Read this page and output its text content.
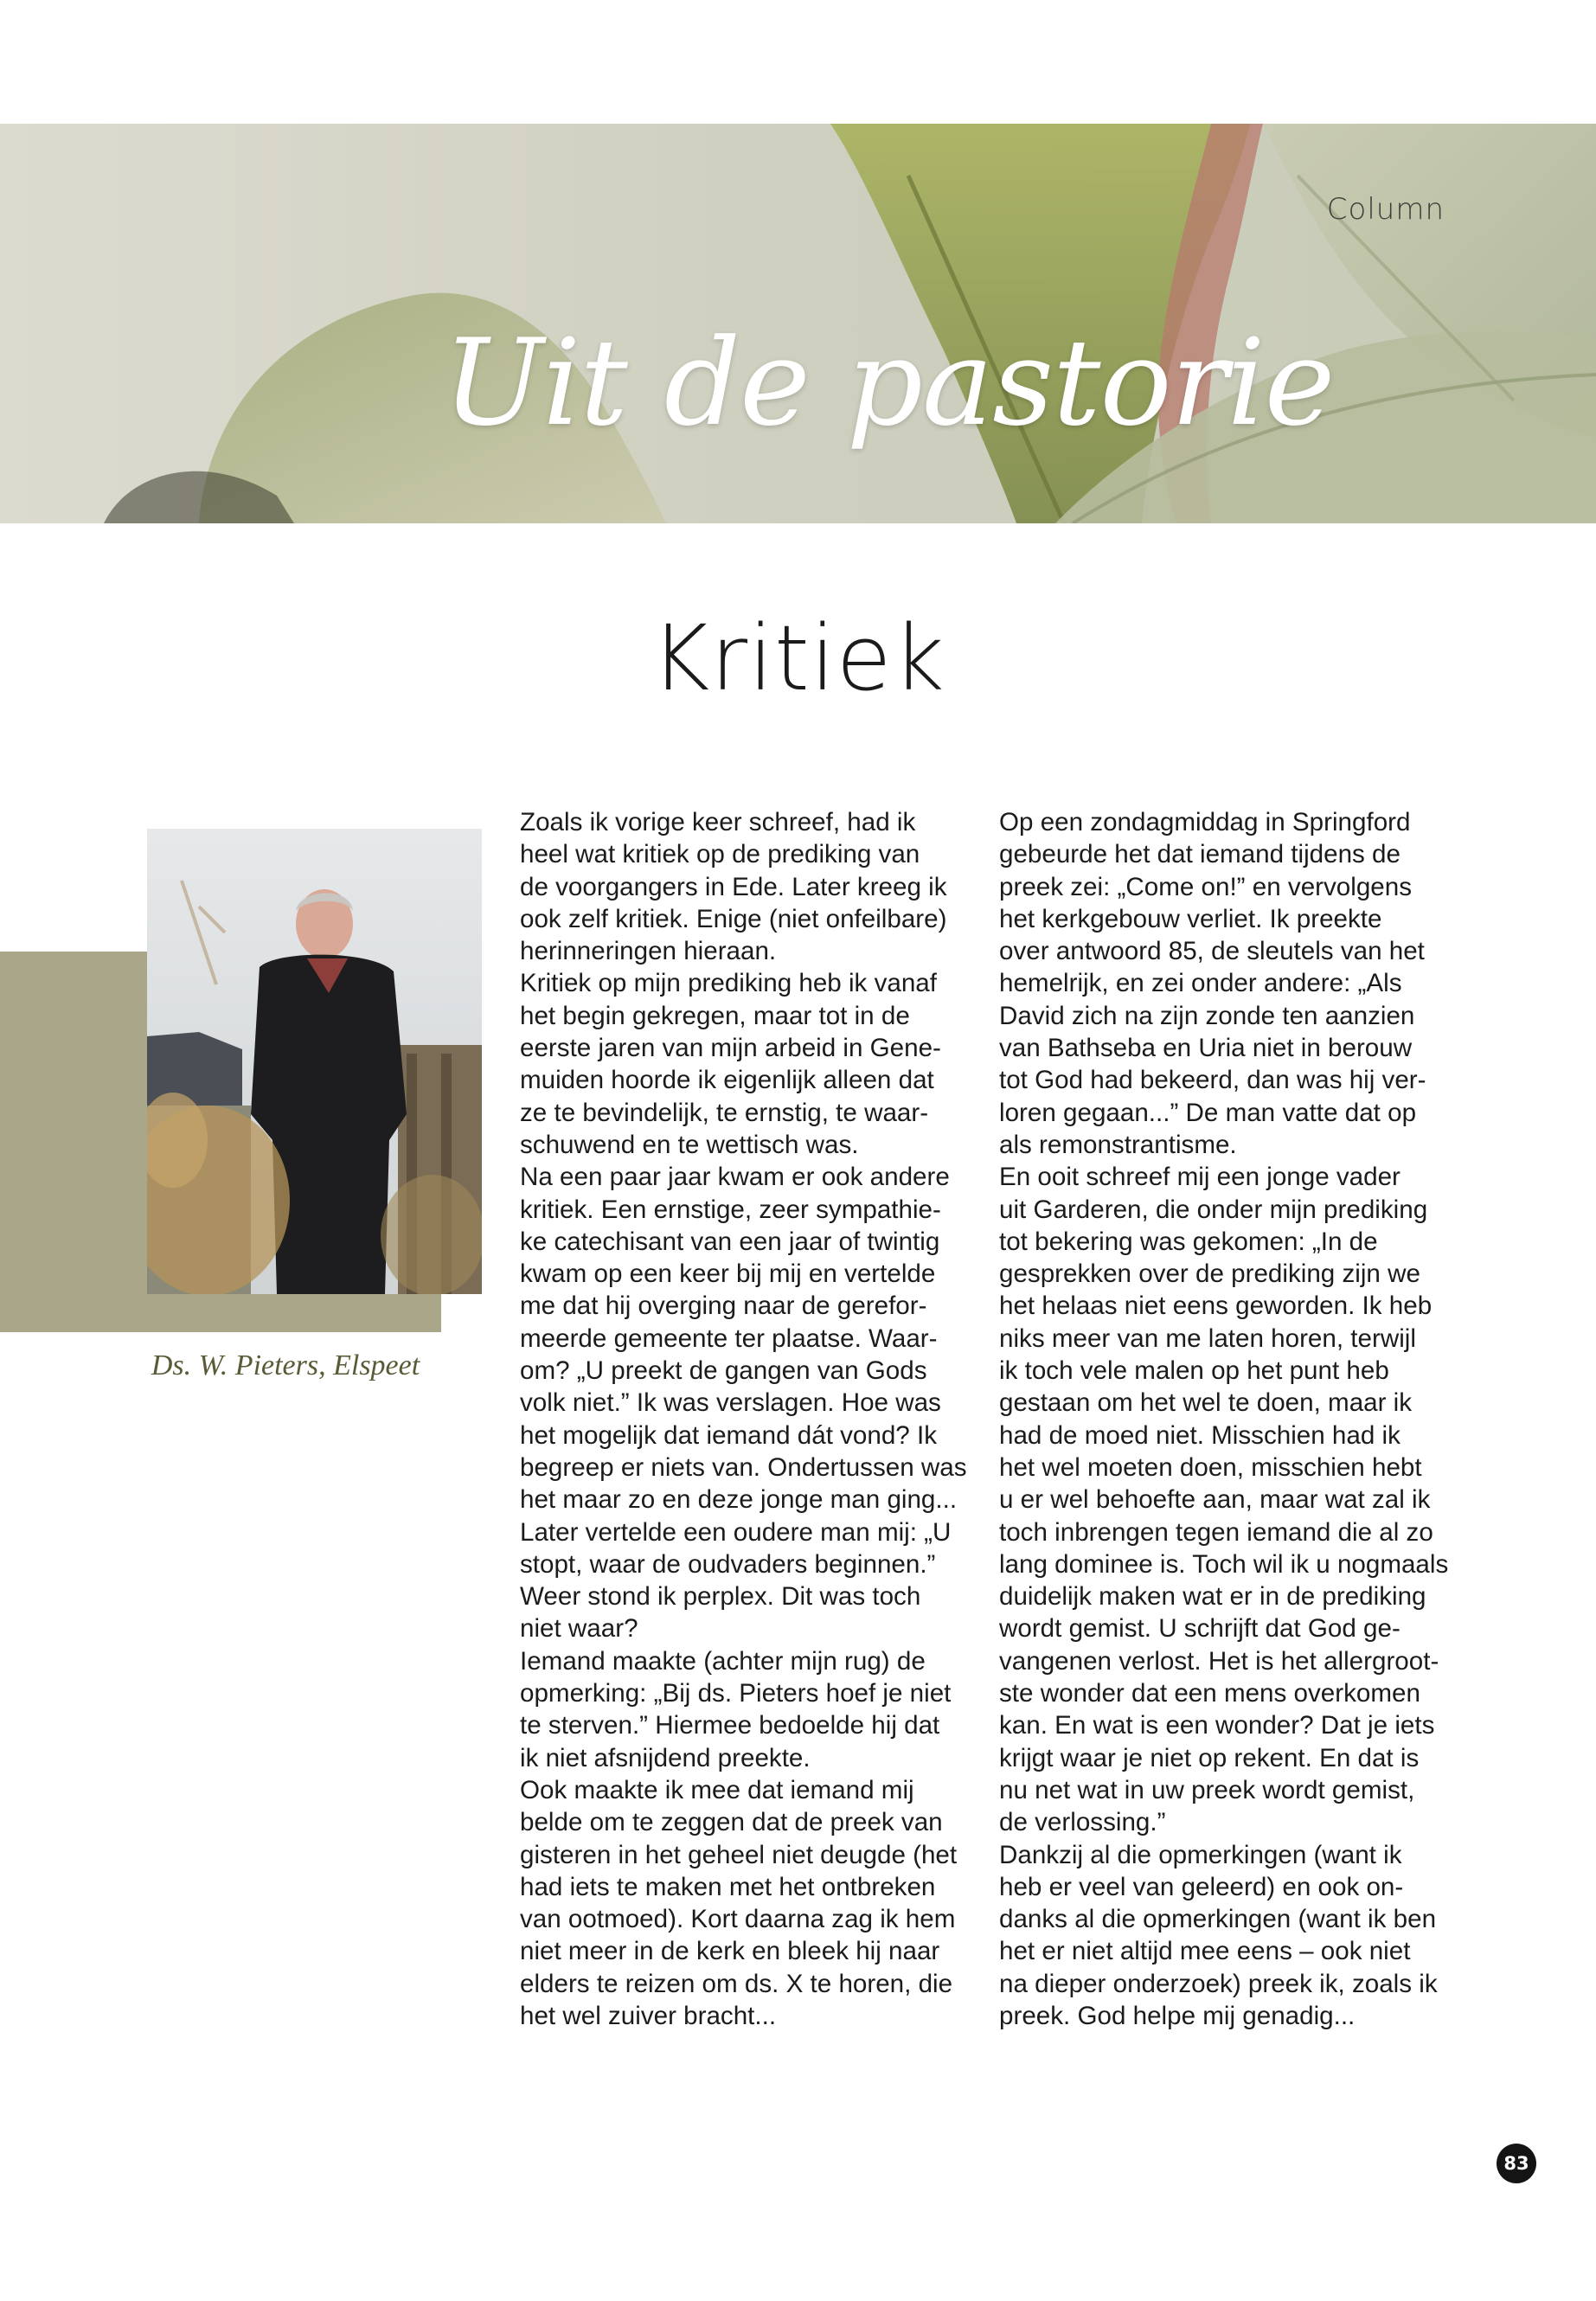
Column
Uit de pastorie
Kritiek
Ds. W. Pieters, Elspeet
Zoals ik vorige keer schreef, had ik
heel wat kritiek op de prediking van
de voorgangers in Ede. Later kreeg ik
ook zelf kritiek. Enige (niet onfeilbare)
herinneringen hieraan.
Kritiek op mijn prediking heb ik vanaf
het begin gekregen, maar tot in de
eerste jaren van mijn arbeid in Gene-
muiden hoorde ik eigenlijk alleen dat
ze te bevindelijk, te ernstig, te waar-
schuwend en te wettisch was.
Na een paar jaar kwam er ook andere
kritiek. Een ernstige, zeer sympathie-
ke catechisant van een jaar of twintig
kwam op een keer bij mij en vertelde
me dat hij overging naar de gerefor-
meerde gemeente ter plaatse. Waar-
om? „U preekt de gangen van Gods
volk niet.” Ik was verslagen. Hoe was
het mogelijk dat iemand dát vond? Ik
begreep er niets van. Ondertussen was
het maar zo en deze jonge man ging...
Later vertelde een oudere man mij: „U
stopt, waar de oudvaders beginnen.”
Weer stond ik perplex. Dit was toch
niet waar?
Iemand maakte (achter mijn rug) de
opmerking: „Bij ds. Pieters hoef je niet
te sterven.” Hiermee bedoelde hij dat
ik niet afsnijdend preekte.
Ook maakte ik mee dat iemand mij
belde om te zeggen dat de preek van
gisteren in het geheel niet deugde (het
had iets te maken met het ontbreken
van ootmoed). Kort daarna zag ik hem
niet meer in de kerk en bleek hij naar
elders te reizen om ds. X te horen, die
het wel zuiver bracht...
Op een zondagmiddag in Springford
gebeurde het dat iemand tijdens de
preek zei: „Come on!” en vervolgens
het kerkgebouw verliet. Ik preekte
over antwoord 85, de sleutels van het
hemelrijk, en zei onder andere: „Als
David zich na zijn zonde ten aanzien
van Bathseba en Uria niet in berouw
tot God had bekeerd, dan was hij ver-
loren gegaan...” De man vatte dat op
als remonstrantisme.
En ooit schreef mij een jonge vader
uit Garderen, die onder mijn prediking
tot bekering was gekomen: „In de
gesprekken over de prediking zijn we
het helaas niet eens geworden. Ik heb
niks meer van me laten horen, terwijl
ik toch vele malen op het punt heb
gestaan om het wel te doen, maar ik
had de moed niet. Misschien had ik
het wel moeten doen, misschien hebt
u er wel behoefte aan, maar wat zal ik
toch inbrengen tegen iemand die al zo
lang dominee is. Toch wil ik u nogmaals
duidelijk maken wat er in de prediking
wordt gemist. U schrijft dat God ge-
vangenen verlost. Het is het allergroot-
ste wonder dat een mens overkomen
kan. En wat is een wonder? Dat je iets
krijgt waar je niet op rekent. En dat is
nu net wat in uw preek wordt gemist,
de verlossing.”
Dankzij al die opmerkingen (want ik
heb er veel van geleerd) en ook on-
danks al die opmerkingen (want ik ben
het er niet altijd mee eens – ook niet
na dieper onderzoek) preek ik, zoals ik
preek. God helpe mij genadig...
83
